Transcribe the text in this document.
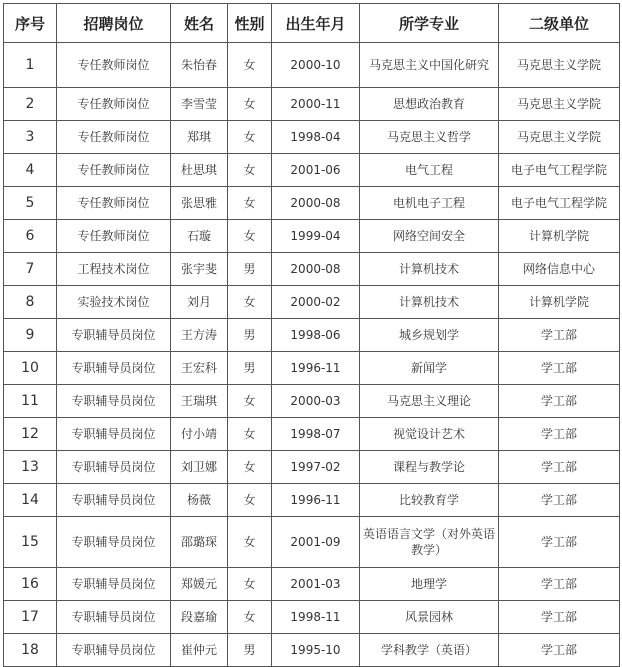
序号	招聘岗位	姓名	性别	出生年月	所学专业	二级单位
1	专任教师岗位	朱怡春	女	2000-10	马克思主义中国化研究	马克思主义学院
2	专任教师岗位	李雪莹	女	2000-11	思想政治教育	马克思主义学院
3	专任教师岗位	郑琪	女	1998-04	马克思主义哲学	马克思主义学院
4	专任教师岗位	杜思琪	女	2001-06	电气工程	电子电气工程学院
5	专任教师岗位	张思雅	女	2000-08	电机电子工程	电子电气工程学院
6	专任教师岗位	石璇	女	1999-04	网络空间安全	计算机学院
7	工程技术岗位	张宇斐	男	2000-08	计算机技术	网络信息中心
8	实验技术岗位	刘月	女	2000-02	计算机技术	计算机学院
9	专职辅导员岗位	王方涛	男	1998-06	城乡规划学	学工部
10	专职辅导员岗位	王宏科	男	1996-11	新闻学	学工部
11	专职辅导员岗位	王瑞琪	女	2000-03	马克思主义理论	学工部
12	专职辅导员岗位	付小靖	女	1998-07	视觉设计艺术	学工部
13	专职辅导员岗位	刘卫娜	女	1997-02	课程与教学论	学工部
14	专职辅导员岗位	杨薇	女	1996-11	比较教育学	学工部
15	专职辅导员岗位	邵璐琛	女	2001-09	英语语言文学（对外英语教学）	学工部
16	专职辅导员岗位	郑媛元	女	2001-03	地理学	学工部
17	专职辅导员岗位	段嘉瑜	女	1998-11	风景园林	学工部
18	专职辅导员岗位	崔仲元	男	1995-10	学科教学（英语）	学工部
